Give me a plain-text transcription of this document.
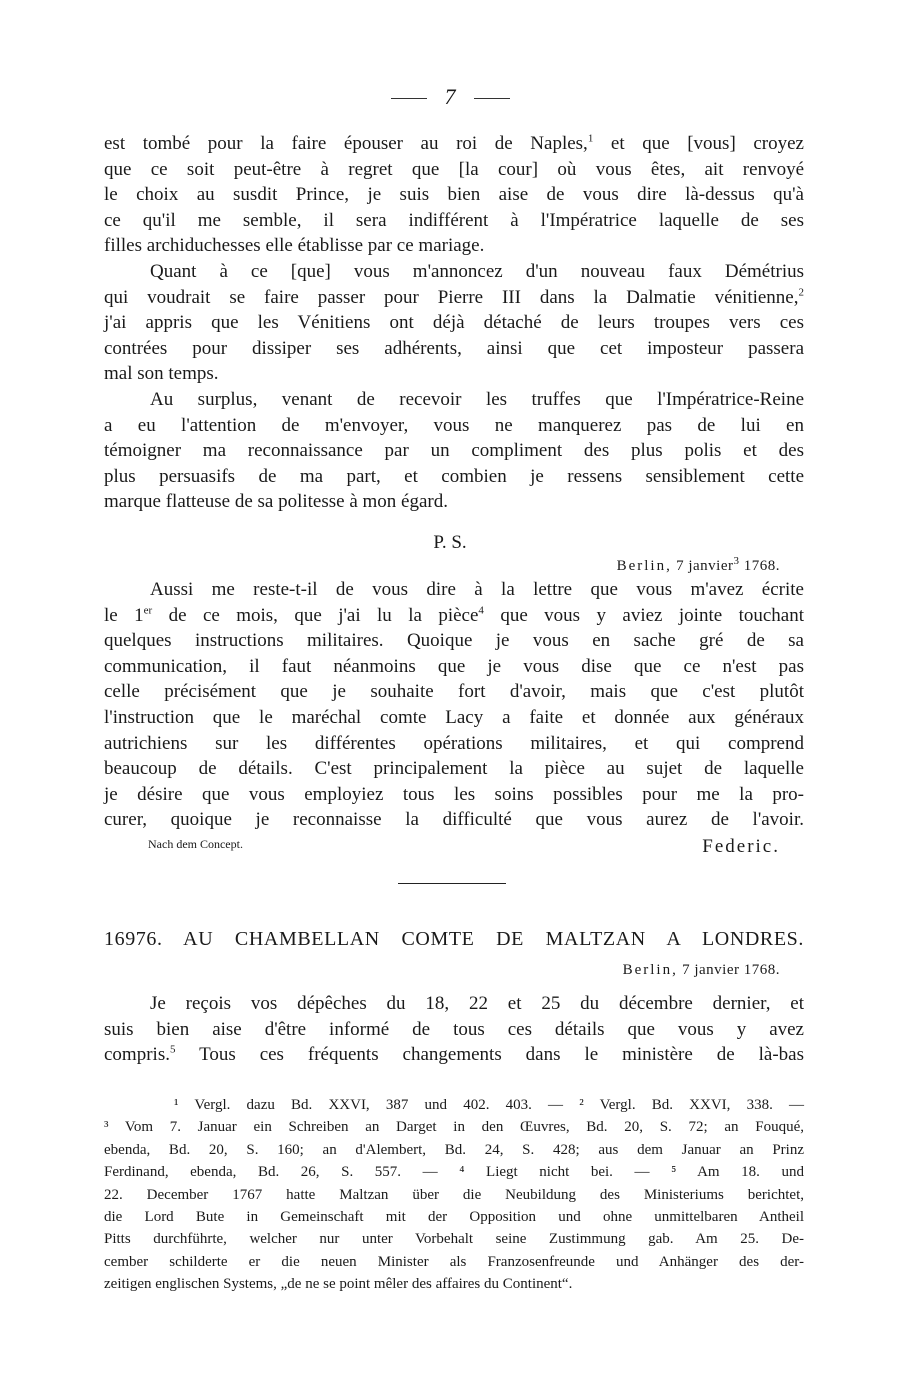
7
est tombé pour la faire épouser au roi de Naples,$^1$ et que [vous] croyez
que ce soit peut-être à regret que [la cour] où vous êtes, ait renvoyé
le choix au susdit Prince, je suis bien aise de vous dire là-dessus qu'à
ce qu'il me semble, il sera indifférent à l'Impératrice laquelle de ses
filles archiduchesses elle établisse par ce mariage.
Quant à ce [que] vous m'annoncez d'un nouveau faux Démétrius
qui voudrait se faire passer pour Pierre III dans la Dalmatie vénitienne,$^2$
j'ai appris que les Vénitiens ont déjà détaché de leurs troupes vers ces
contrées pour dissiper ses adhérents, ainsi que cet imposteur passera
mal son temps.
Au surplus, venant de recevoir les truffes que l'Impératrice-Reine
a eu l'attention de m'envoyer, vous ne manquerez pas de lui en
témoigner ma reconnaissance par un compliment des plus polis et des
plus persuasifs de ma part, et combien je ressens sensiblement cette
marque flatteuse de sa politesse à mon égard.
P. S.
Berlin, 7 janvier$^3$ 1768.
Aussi me reste-t-il de vous dire à la lettre que vous m'avez écrite
le 1er de ce mois, que j'ai lu la pièce$^4$ que vous y aviez jointe touchant
quelques instructions militaires. Quoique je vous en sache gré de sa
communication, il faut néanmoins que je vous dise que ce n'est pas
celle précisément que je souhaite fort d'avoir, mais que c'est plutôt
l'instruction que le maréchal comte Lacy a faite et donnée aux généraux
autrichiens sur les différentes opérations militaires, et qui comprend
beaucoup de détails. C'est principalement la pièce au sujet de laquelle
je désire que vous employiez tous les soins possibles pour me la pro-
curer, quoique je reconnaisse la difficulté que vous aurez de l'avoir.
Nach dem Concept.	Federic.
16976. AU CHAMBELLAN COMTE DE MALTZAN A LONDRES.
Berlin, 7 janvier 1768.
Je reçois vos dépêches du 18, 22 et 25 du décembre dernier, et
suis bien aise d'être informé de tous ces détails que vous y avez
compris.$^5$ Tous ces fréquents changements dans le ministère de là-bas
¹ Vergl. dazu Bd. XXVI, 387 und 402. 403. — ² Vergl. Bd. XXVI, 338. —
³ Vom 7. Januar ein Schreiben an Darget in den Œuvres, Bd. 20, S. 72; an Fouqué,
ebenda, Bd. 20, S. 160; an d'Alembert, Bd. 24, S. 428; aus dem Januar an Prinz
Ferdinand, ebenda, Bd. 26, S. 557. — ⁴ Liegt nicht bei. — ⁵ Am 18. und
22. December 1767 hatte Maltzan über die Neubildung des Ministeriums berichtet,
die Lord Bute in Gemeinschaft mit der Opposition und ohne unmittelbaren Antheil
Pitts durchführte, welcher nur unter Vorbehalt seine Zustimmung gab. Am 25. De-
cember schilderte er die neuen Minister als Franzosenfreunde und Anhänger des der-
zeitigen englischen Systems, „de ne se point mêler des affaires du Continent“.
